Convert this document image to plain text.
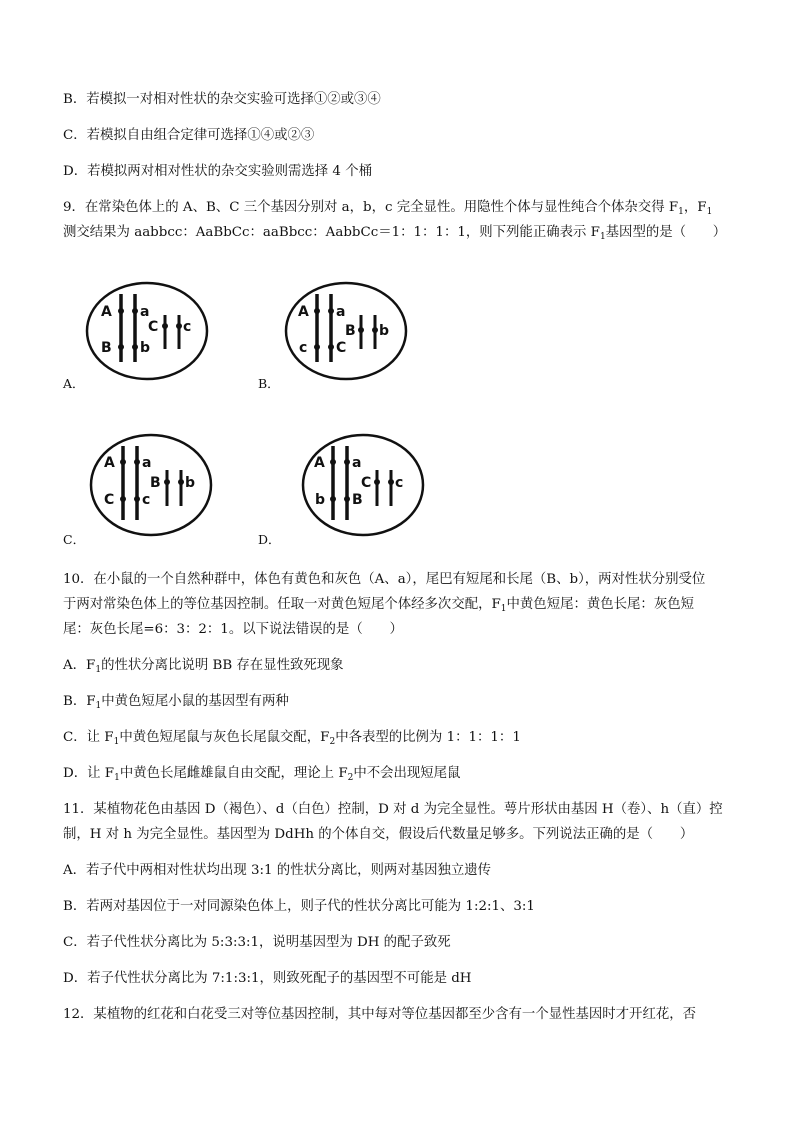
B．若模拟一对相对性状的杂交实验可选择①②或③④
C．若模拟自由组合定律可选择①④或②③
D．若模拟两对相对性状的杂交实验则需选择 4 个桶
9．在常染色体上的 A、B、C 三个基因分别对 a，b，c 完全显性。用隐性个体与显性纯合个体杂交得 $F_1$，$F_1$
测交结果为 aabbcc：AaBbCc：aaBbcc：AabbCc＝1：1：1：1，则下列能正确表示 $F_1$基因型的是（　　）
A a
B b
C c
A．
A a
c C
B b
B．
A a
C c
B b
C．
A a
b B
C c
D．
10．在小鼠的一个自然种群中，体色有黄色和灰色（A、a），尾巴有短尾和长尾（B、b），两对性状分别受位
于两对常染色体上的等位基因控制。任取一对黄色短尾个体经多次交配，$F_1$中黄色短尾：黄色长尾：灰色短
尾：灰色长尾=6：3：2：1。以下说法错误的是（　　）
A．$F_1$的性状分离比说明 BB 存在显性致死现象
B．$F_1$中黄色短尾小鼠的基因型有两种
C．让 $F_1$中黄色短尾鼠与灰色长尾鼠交配，$F_2$中各表型的比例为 1：1：1：1
D．让 $F_1$中黄色长尾雌雄鼠自由交配，理论上 $F_2$中不会出现短尾鼠
11．某植物花色由基因 D（褐色）、d（白色）控制，D 对 d 为完全显性。萼片形状由基因 H（卷）、h（直）控
制，H 对 h 为完全显性。基因型为 DdHh 的个体自交，假设后代数量足够多。下列说法正确的是（　　）
A．若子代中两相对性状均出现 3:1 的性状分离比，则两对基因独立遗传
B．若两对基因位于一对同源染色体上，则子代的性状分离比可能为 1:2:1、3:1
C．若子代性状分离比为 5:3:3:1，说明基因型为 DH 的配子致死
D．若子代性状分离比为 7:1:3:1，则致死配子的基因型不可能是 dH
12．某植物的红花和白花受三对等位基因控制，其中每对等位基因都至少含有一个显性基因时才开红花，否
